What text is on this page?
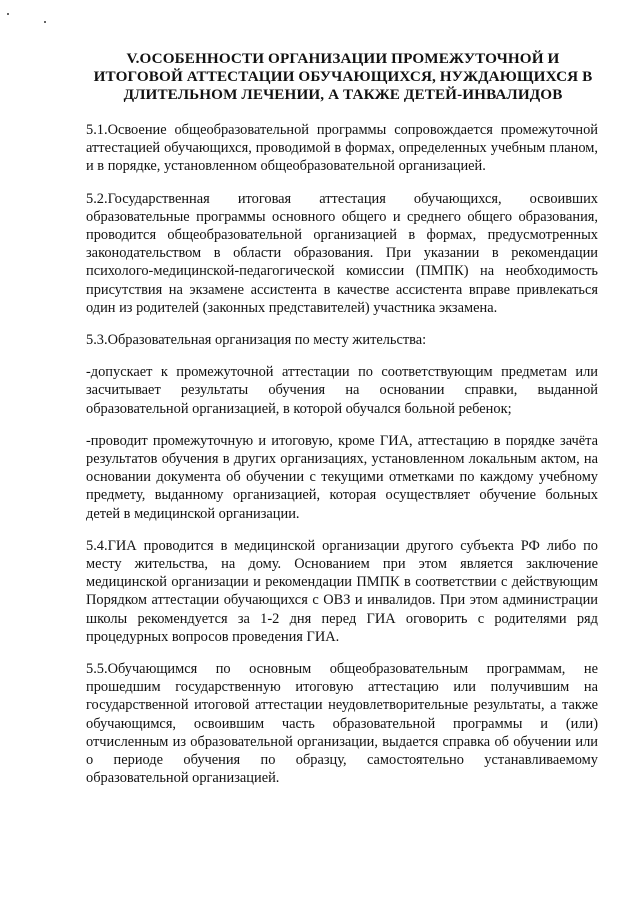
V.ОСОБЕННОСТИ ОРГАНИЗАЦИИ ПРОМЕЖУТОЧНОЙ И ИТОГОВОЙ АТТЕСТАЦИИ ОБУЧАЮЩИХСЯ, НУЖДАЮЩИХСЯ В ДЛИТЕЛЬНОМ ЛЕЧЕНИИ, А ТАКЖЕ ДЕТЕЙ-ИНВАЛИДОВ

5.1.Освоение общеобразовательной программы сопровождается промежуточной аттестацией обучающихся, проводимой в формах, определенных учебным планом, и в порядке, установленном общеобразовательной организацией.

5.2.Государственная итоговая аттестация обучающихся, освоивших образовательные программы основного общего и среднего общего образования, проводится общеобразовательной организацией в формах, предусмотренных законодательством в области образования. При указании в рекомендации психолого-медицинской-педагогической комиссии (ПМПК) на необходимость присутствия на экзамене ассистента в качестве ассистента вправе привлекаться один из родителей (законных представителей) участника экзамена.

5.3.Образовательная организация по месту жительства:

-допускает к промежуточной аттестации по соответствующим предметам или засчитывает результаты обучения на основании справки, выданной образовательной организацией, в которой обучался больной ребенок;

-проводит промежуточную и итоговую, кроме ГИА, аттестацию в порядке зачёта результатов обучения в других организациях, установленном локальным актом, на основании документа об обучении с текущими отметками по каждому учебному предмету, выданному организацией, которая осуществляет обучение больных детей в медицинской организации.

5.4.ГИА проводится в медицинской организации другого субъекта РФ либо по месту жительства, на дому. Основанием при этом является заключение медицинской организации и рекомендации ПМПК в соответствии с действующим Порядком аттестации обучающихся с ОВЗ и инвалидов. При этом администрации школы рекомендуется за 1-2 дня перед ГИА оговорить с родителями ряд процедурных вопросов проведения ГИА.

5.5.Обучающимся по основным общеобразовательным программам, не прошедшим государственную итоговую аттестацию или получившим на государственной итоговой аттестации неудовлетворительные результаты, а также обучающимся, освоившим часть образовательной программы и (или) отчисленным из образовательной организации, выдается справка об обучении или о периоде обучения по образцу, самостоятельно устанавливаемому образовательной организацией.
